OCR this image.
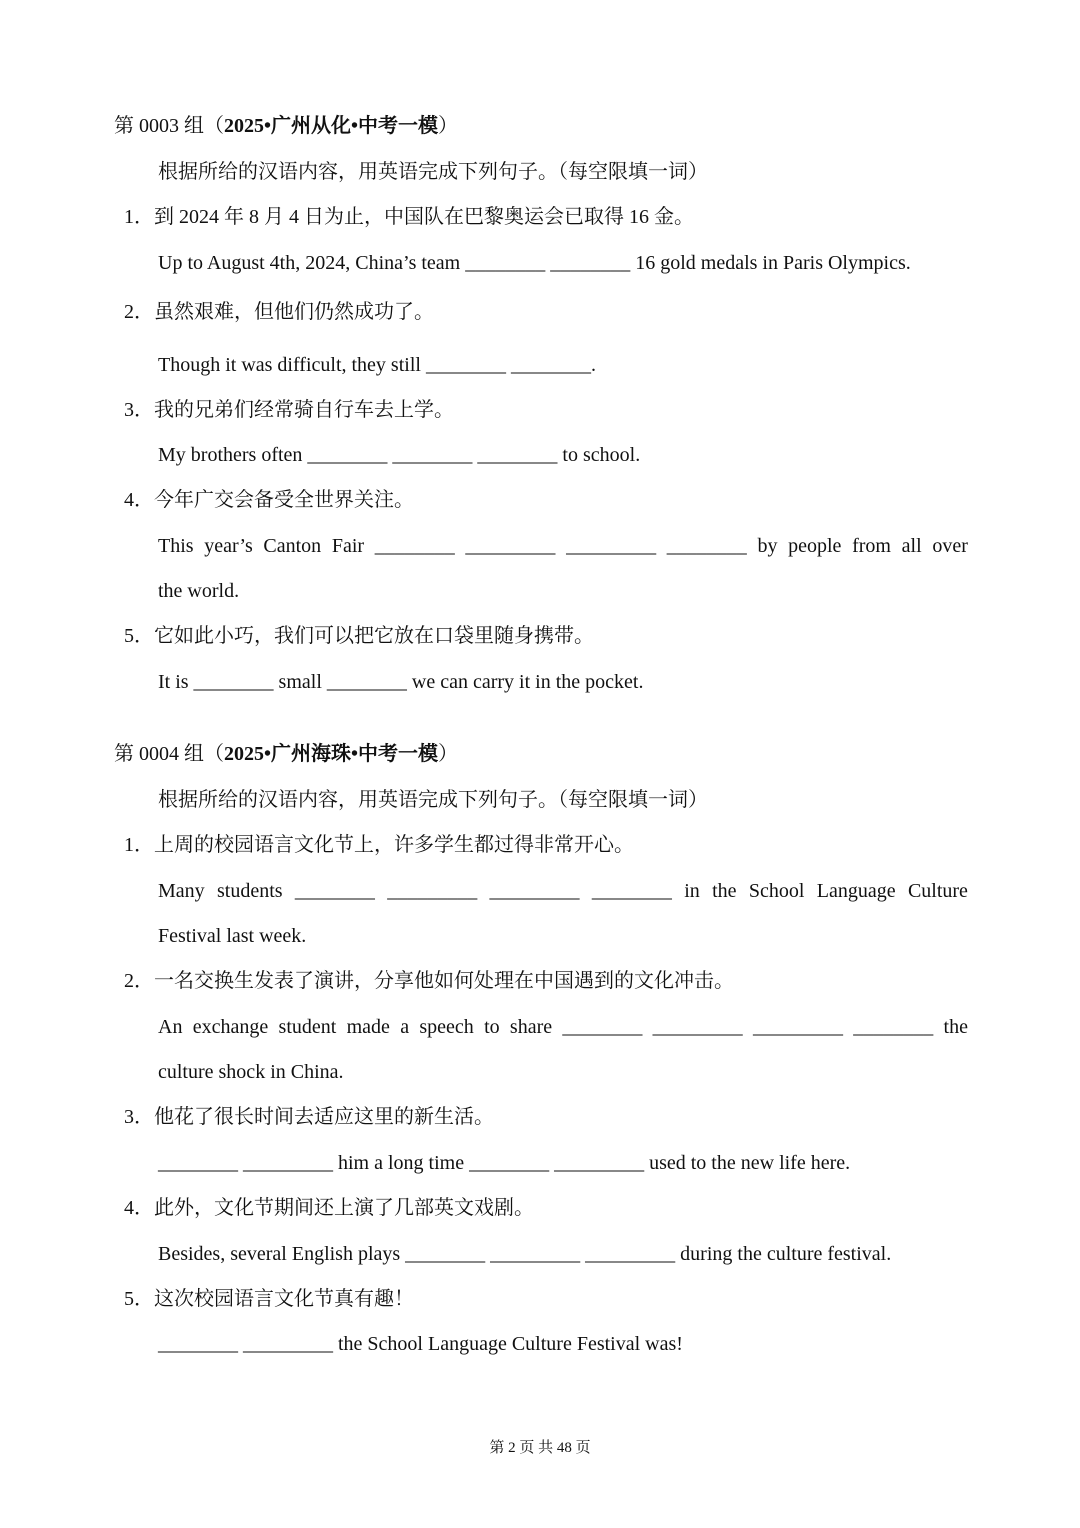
第 0003 组（2025•广州从化•中考一模）
根据所给的汉语内容，用英语完成下列句子。（每空限填一词）
1．到 2024 年 8 月 4 日为止，中国队在巴黎奥运会已取得 16 金。
Up to August 4th, 2024, China’s team ________ ________ 16 gold medals in Paris Olympics.
2．虽然艰难，但他们仍然成功了。
Though it was difficult, they still ________ ________.
3．我的兄弟们经常骑自行车去上学。
My brothers often ________ ________ ________ to school.
4．今年广交会备受全世界关注。
This year’s Canton Fair ________ _________ _________ ________ by people from all over
the world.
5．它如此小巧，我们可以把它放在口袋里随身携带。
It is ________ small ________ we can carry it in the pocket.
第 0004 组（2025•广州海珠•中考一模）
根据所给的汉语内容，用英语完成下列句子。（每空限填一词）
1．上周的校园语言文化节上，许多学生都过得非常开心。
Many students ________ _________ _________ ________ in the School Language Culture
Festival last week.
2．一名交换生发表了演讲，分享他如何处理在中国遇到的文化冲击。
An exchange student made a speech to share ________ _________ _________ ________ the
culture shock in China.
3．他花了很长时间去适应这里的新生活。
________ _________ him a long time ________ _________ used to the new life here.
4．此外，文化节期间还上演了几部英文戏剧。
Besides, several English plays ________ _________ _________ during the culture festival.
5．这次校园语言文化节真有趣！
________ _________ the School Language Culture Festival was!
第 2 页 共 48 页
